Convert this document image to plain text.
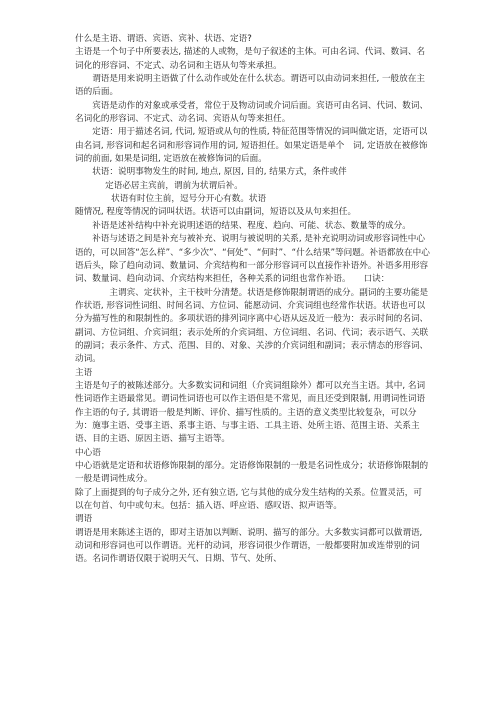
什么是主语、谓语、宾语、宾补、状语、定语?

主语是一个句子中所要表达, 描述的人或物，是句子叙述的主体。可由名词、代词、数词、名词化的形容词、不定式、动名词和主语从句等来承担。

谓语是用来说明主语做了什么动作或处在什么状态。谓语可以由动词来担任, 一般放在主语的后面。

宾语是动作的对象或承受者，常位于及物动词或介词后面。宾语可由名词、代词、数词、名词化的形容词、不定式、动名词、宾语从句等来担任。

定语：用于描述名词, 代词, 短语或从句的性质, 特征范围等情况的词叫做定语，定语可以由名词, 形容词和起名词和形容词作用的词, 短语担任。如果定语是单个　词, 定语放在被修饰词的前面, 如果是词组, 定语放在被修饰词的后面。

状语：说明事物发生的时间, 地点, 原因, 目的, 结果方式，条件或伴

定语必居主宾前，谓前为状谓后补。

状语有时位主前，逗号分开心有数。状语

随情况, 程度等情况的词叫状语。状语可以由副词，短语以及从句来担任。

补语是述补结构中补充说明述语的结果、程度、趋向、可能、状态、数量等的成分。

补语与述语之间是补充与被补充、说明与被说明的关系, 是补充说明动词或形容词性中心语的，可以回答“怎么样”、“多少次”、“何处”、“何时”、“什么结果”等问题。补语都放在中心语后头，除了趋向动词、数量词、介宾结构和一部分形容词可以直接作补语外。补语多用形容词、数量词、趋向动词、介宾结构来担任，各种关系的词组也常作补语。　　口诀：

　　主谓宾、定状补，主干枝叶分清楚。状语是修饰限制谓语的成分。副词的主要功能是作状语, 形容词性词组、时间名词、方位词、能愿动词、介宾词组也经常作状语。状语也可以分为描写性的和限制性的。多项状语的排列词序离中心语从远及近一般为：表示时间的名词、副词、方位词组、介宾词组；表示处所的介宾词组、方位词组、名词、代词；表示语气、关联的副词；表示条件、方式、范围、目的、对象、关涉的介宾词组和副词；表示情态的形容词、动词。

主语

主语是句子的被陈述部分。大多数实词和词组（介宾词组除外）都可以充当主语。其中, 名词性词语作主语最常见。谓词性词语也可以作主语但是不常见，而且还受到限制, 用谓词性词语作主语的句子, 其谓语一般是判断、评价、描写性质的。主语的意义类型比较复杂，可以分为：施事主语、受事主语、系事主语、与事主语、工具主语、处所主语、范围主语、关系主语、目的主语、原因主语、描写主语等。

中心语

中心语就是定语和状语修饰限制的部分。定语修饰限制的一般是名词性成分；状语修饰限制的一般是谓词性成分。

除了上面提到的句子成分之外, 还有独立语, 它与其他的成分发生结构的关系。位置灵活，可以在句首、句中或句末。包括：插入语、呼应语、感叹语、拟声语等。

谓语

谓语是用来陈述主语的，即对主语加以判断、说明、描写的部分。大多数实词都可以做谓语, 动词和形容词也可以作谓语。光杆的动词，形容词很少作谓语，一般都要附加或连带别的词语。名词作谓语仅限于说明天气、日期、节气、处所、
